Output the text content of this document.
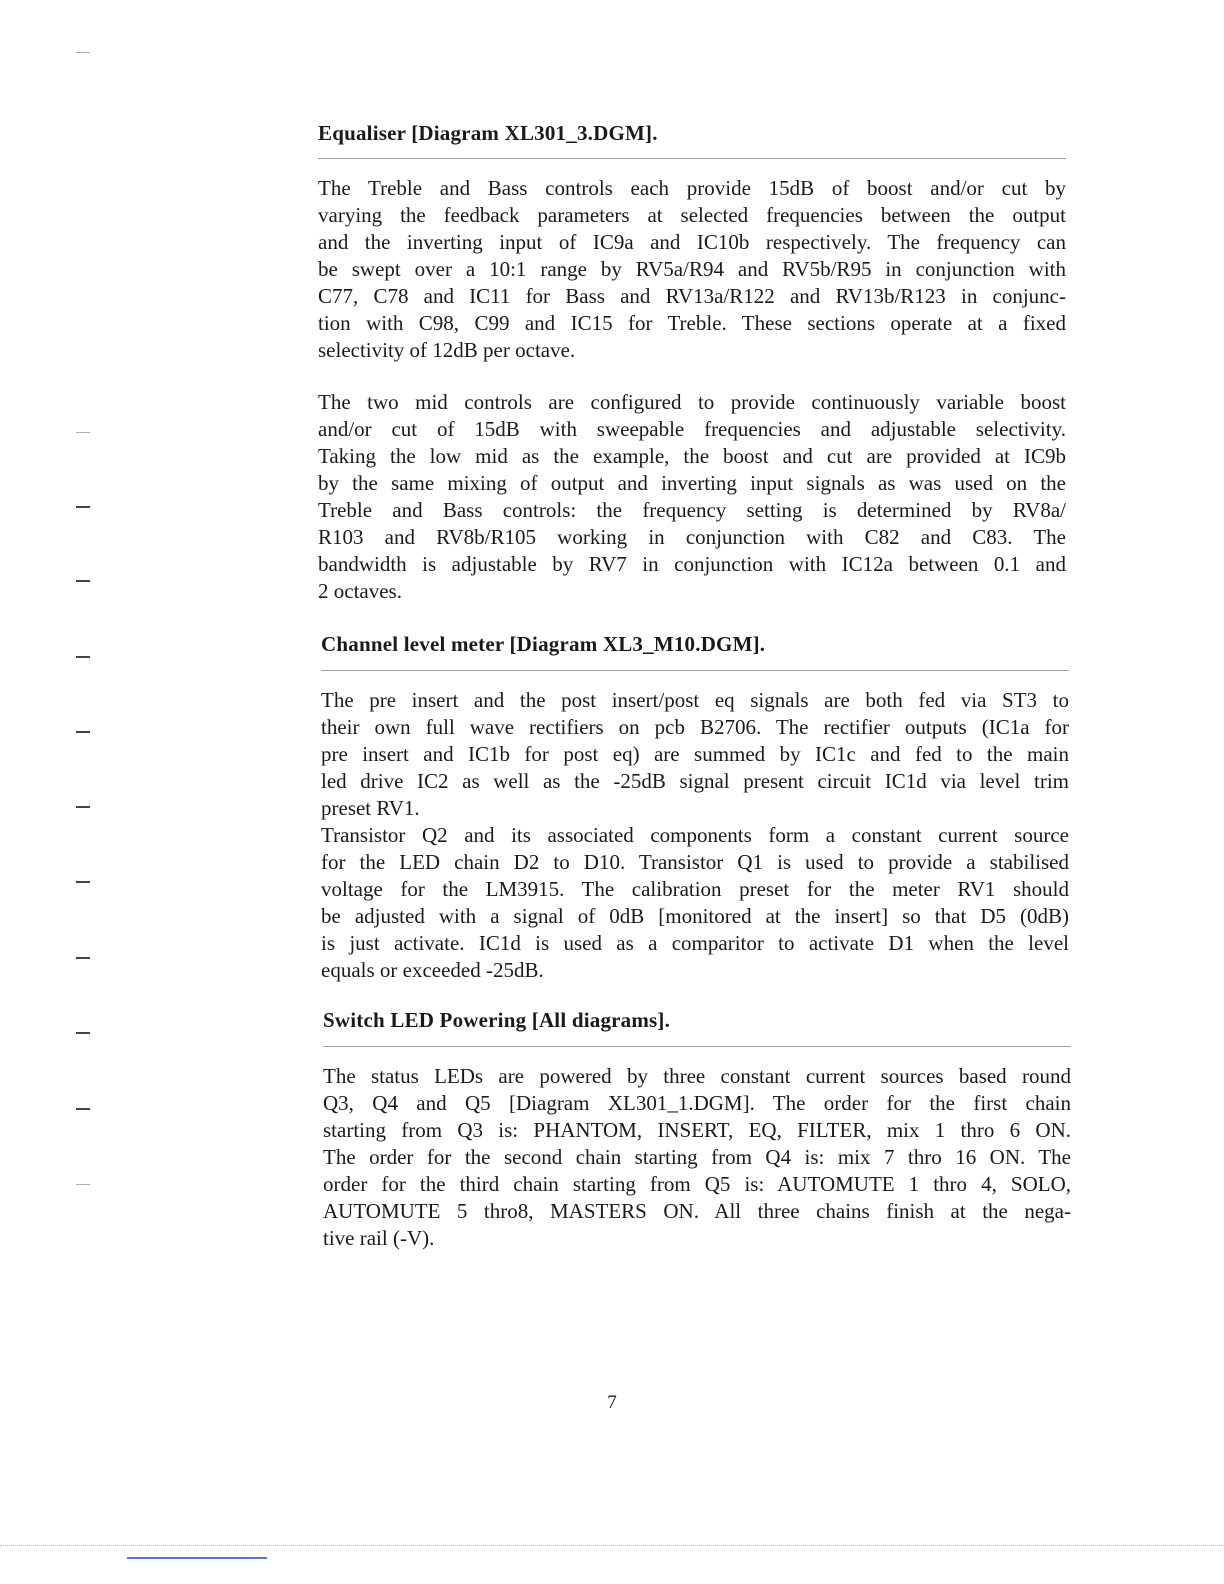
Equaliser [Diagram XL301_3.DGM].
The Treble and Bass controls each provide 15dB of boost and/or cut by
varying the feedback parameters at selected frequencies between the output
and the inverting input of IC9a and IC10b respectively. The frequency can
be swept over a 10:1 range by RV5a/R94 and RV5b/R95 in conjunction with
C77, C78 and IC11 for Bass and RV13a/R122 and RV13b/R123 in conjunc-
tion with C98, C99 and IC15 for Treble. These sections operate at a fixed
selectivity of 12dB per octave.
The two mid controls are configured to provide continuously variable boost
and/or cut of 15dB with sweepable frequencies and adjustable selectivity.
Taking the low mid as the example, the boost and cut are provided at IC9b
by the same mixing of output and inverting input signals as was used on the
Treble and Bass controls: the frequency setting is determined by RV8a/
R103 and RV8b/R105 working in conjunction with C82 and C83. The
bandwidth is adjustable by RV7 in conjunction with IC12a between 0.1 and
2 octaves.
Channel level meter [Diagram XL3_M10.DGM].
The pre insert and the post insert/post eq signals are both fed via ST3 to
their own full wave rectifiers on pcb B2706. The rectifier outputs (IC1a for
pre insert and IC1b for post eq) are summed by IC1c and fed to the main
led drive IC2 as well as the -25dB signal present circuit IC1d via level trim
preset RV1.
Transistor Q2 and its associated components form a constant current source
for the LED chain D2 to D10. Transistor Q1 is used to provide a stabilised
voltage for the LM3915. The calibration preset for the meter RV1 should
be adjusted with a signal of 0dB [monitored at the insert] so that D5 (0dB)
is just activate. IC1d is used as a comparitor to activate D1 when the level
equals or exceeded -25dB.
Switch LED Powering [All diagrams].
The status LEDs are powered by three constant current sources based round
Q3, Q4 and Q5 [Diagram XL301_1.DGM]. The order for the first chain
starting from Q3 is: PHANTOM, INSERT, EQ, FILTER, mix 1 thro 6 ON.
The order for the second chain starting from Q4 is: mix 7 thro 16 ON. The
order for the third chain starting from Q5 is: AUTOMUTE 1 thro 4, SOLO,
AUTOMUTE 5 thro8, MASTERS ON. All three chains finish at the nega-
tive rail (-V).
7
